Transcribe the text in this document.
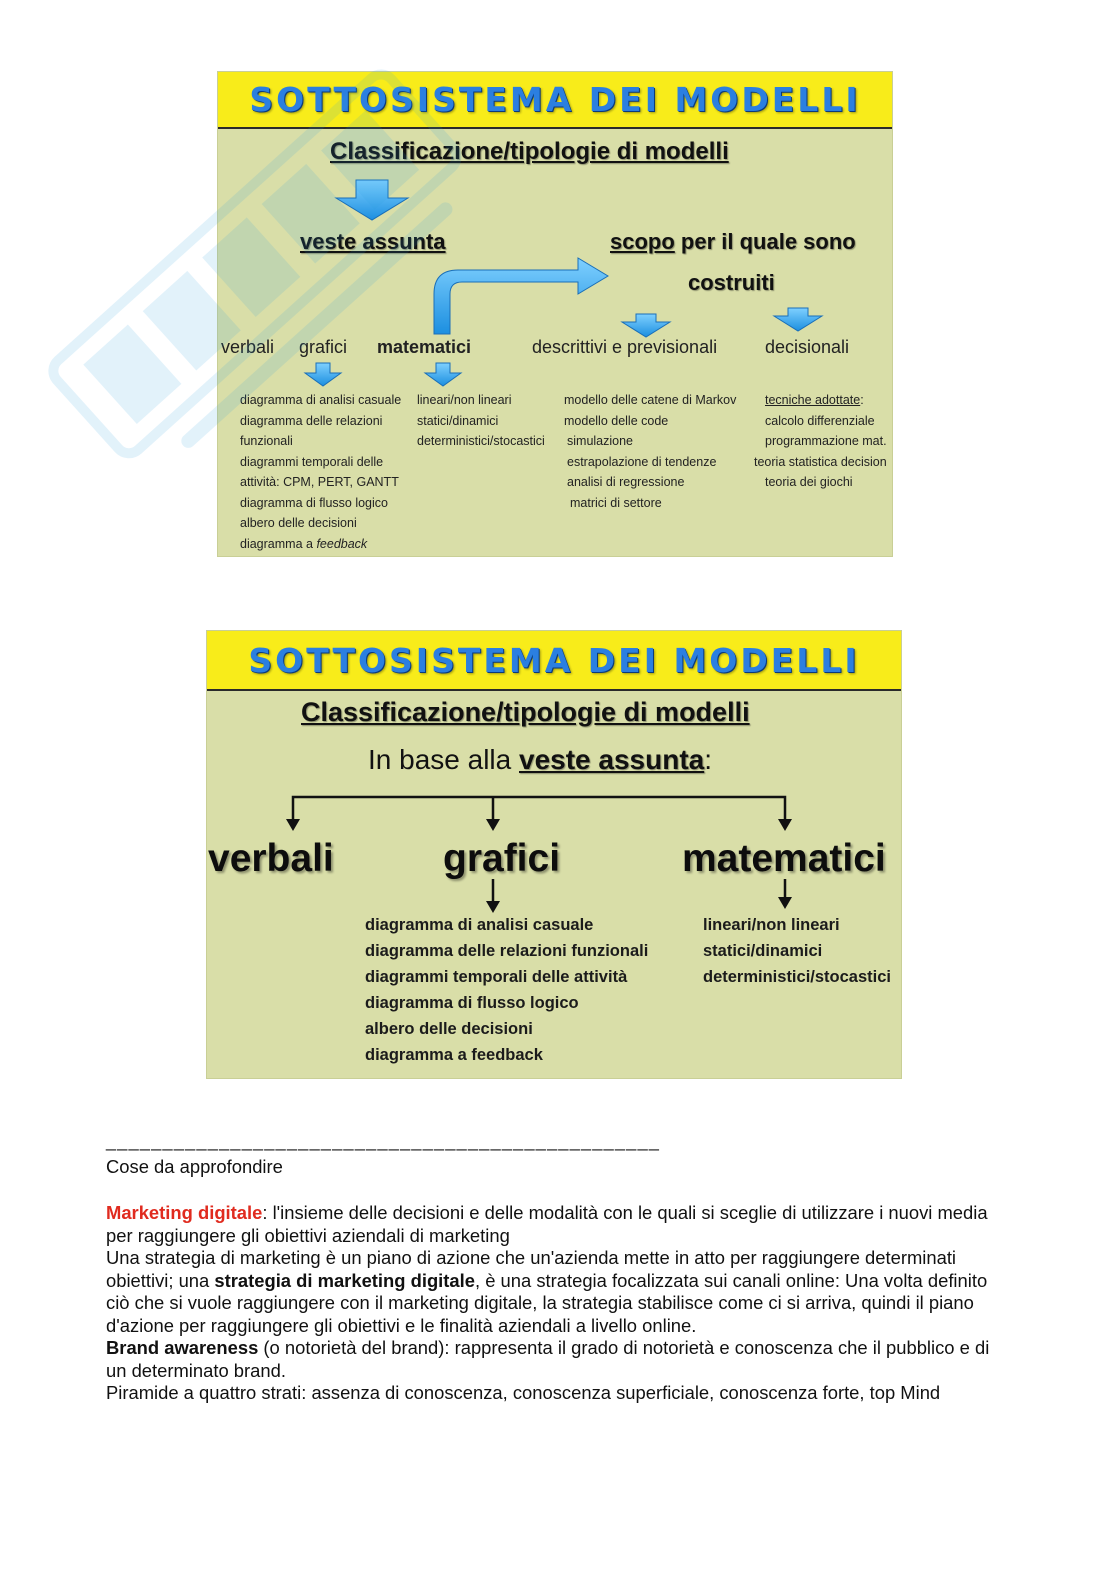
SOTTOSISTEMA DEI MODELLI
Classificazione/tipologie di modelli
veste assunta	scopo per il quale sono
costruiti
verbali grafici matematici	descrittivi e previsionali	decisionali
diagramma di analisi casuale
diagramma delle relazioni
funzionali
diagrammi temporali delle
attività: CPM, PERT, GANTT
diagramma di flusso logico
albero delle decisioni
diagramma a feedback
lineari/non lineari
statici/dinamici
deterministici/stocastici
modello delle catene di Markov
modello delle code
simulazione
estrapolazione di tendenze
analisi di regressione
matrici di settore
tecniche adottate:
calcolo differenziale
programmazione mat.
teoria statistica decision
teoria dei giochi
SOTTOSISTEMA DEI MODELLI
Classificazione/tipologie di modelli
In base alla veste assunta:
verbali	grafici	matematici
diagramma di analisi casuale
diagramma delle relazioni funzionali
diagrammi temporali delle attività
diagramma di flusso logico
albero delle decisioni
diagramma a feedback
lineari/non lineari
statici/dinamici
deterministici/stocastici
_________________________________________________
Cose da approfondire
Marketing digitale: l'insieme delle decisioni e delle modalità con le quali si sceglie di utilizzare i nuovi media per raggiungere gli obiettivi aziendali di marketing
Una strategia di marketing è un piano di azione che un'azienda mette in atto per raggiungere determinati obiettivi; una strategia di marketing digitale, è una strategia focalizzata sui canali online: Una volta definito ciò che si vuole raggiungere con il marketing digitale, la strategia stabilisce come ci si arriva, quindi il piano d'azione per raggiungere gli obiettivi e le finalità aziendali a livello online.
Brand awareness (o notorietà del brand): rappresenta il grado di notorietà e conoscenza che il pubblico e di un determinato brand.
Piramide a quattro strati: assenza di conoscenza, conoscenza superficiale, conoscenza forte, top Mind
